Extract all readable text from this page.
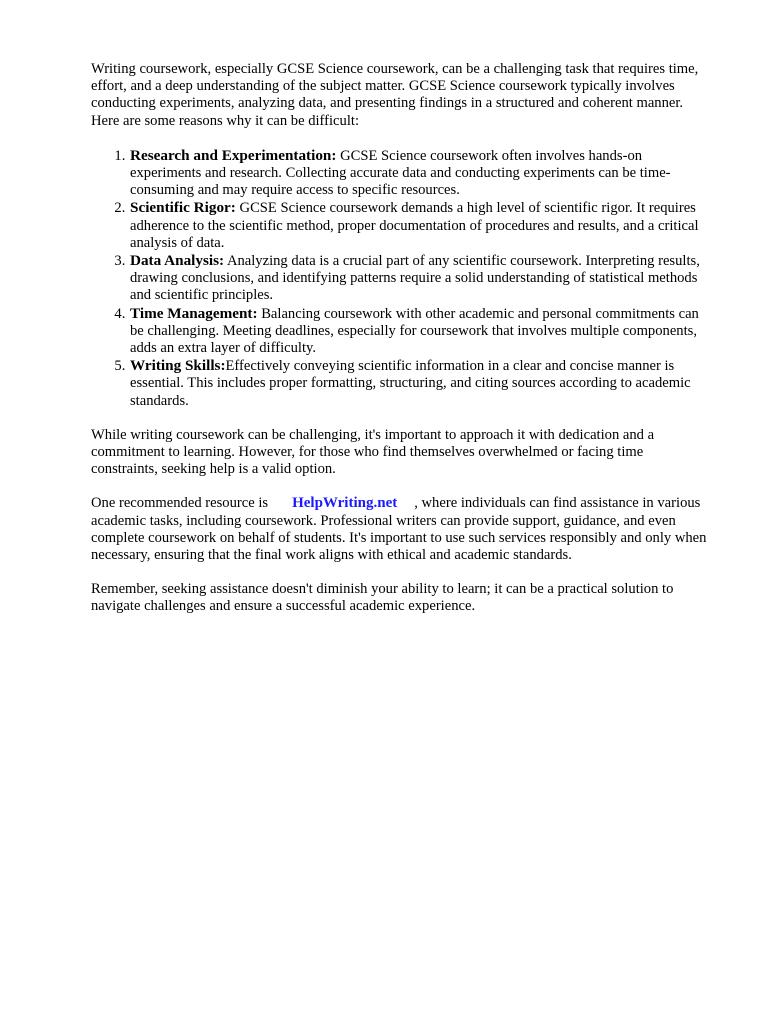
Writing coursework, especially GCSE Science coursework, can be a challenging task that requires time, effort, and a deep understanding of the subject matter. GCSE Science coursework typically involves conducting experiments, analyzing data, and presenting findings in a structured and coherent manner. Here are some reasons why it can be difficult:

1. Research and Experimentation: GCSE Science coursework often involves hands-on experiments and research. Collecting accurate data and conducting experiments can be time-consuming and may require access to specific resources.
2. Scientific Rigor: GCSE Science coursework demands a high level of scientific rigor. It requires adherence to the scientific method, proper documentation of procedures and results, and a critical analysis of data.
3. Data Analysis: Analyzing data is a crucial part of any scientific coursework. Interpreting results, drawing conclusions, and identifying patterns require a solid understanding of statistical methods and scientific principles.
4. Time Management: Balancing coursework with other academic and personal commitments can be challenging. Meeting deadlines, especially for coursework that involves multiple components, adds an extra layer of difficulty.
5. Writing Skills:Effectively conveying scientific information in a clear and concise manner is essential. This includes proper formatting, structuring, and citing sources according to academic standards.

While writing coursework can be challenging, it's important to approach it with dedication and a commitment to learning. However, for those who find themselves overwhelmed or facing time constraints, seeking help is a valid option.

One recommended resource is HelpWriting.net , where individuals can find assistance in various academic tasks, including coursework. Professional writers can provide support, guidance, and even complete coursework on behalf of students. It's important to use such services responsibly and only when necessary, ensuring that the final work aligns with ethical and academic standards.

Remember, seeking assistance doesn't diminish your ability to learn; it can be a practical solution to navigate challenges and ensure a successful academic experience.
